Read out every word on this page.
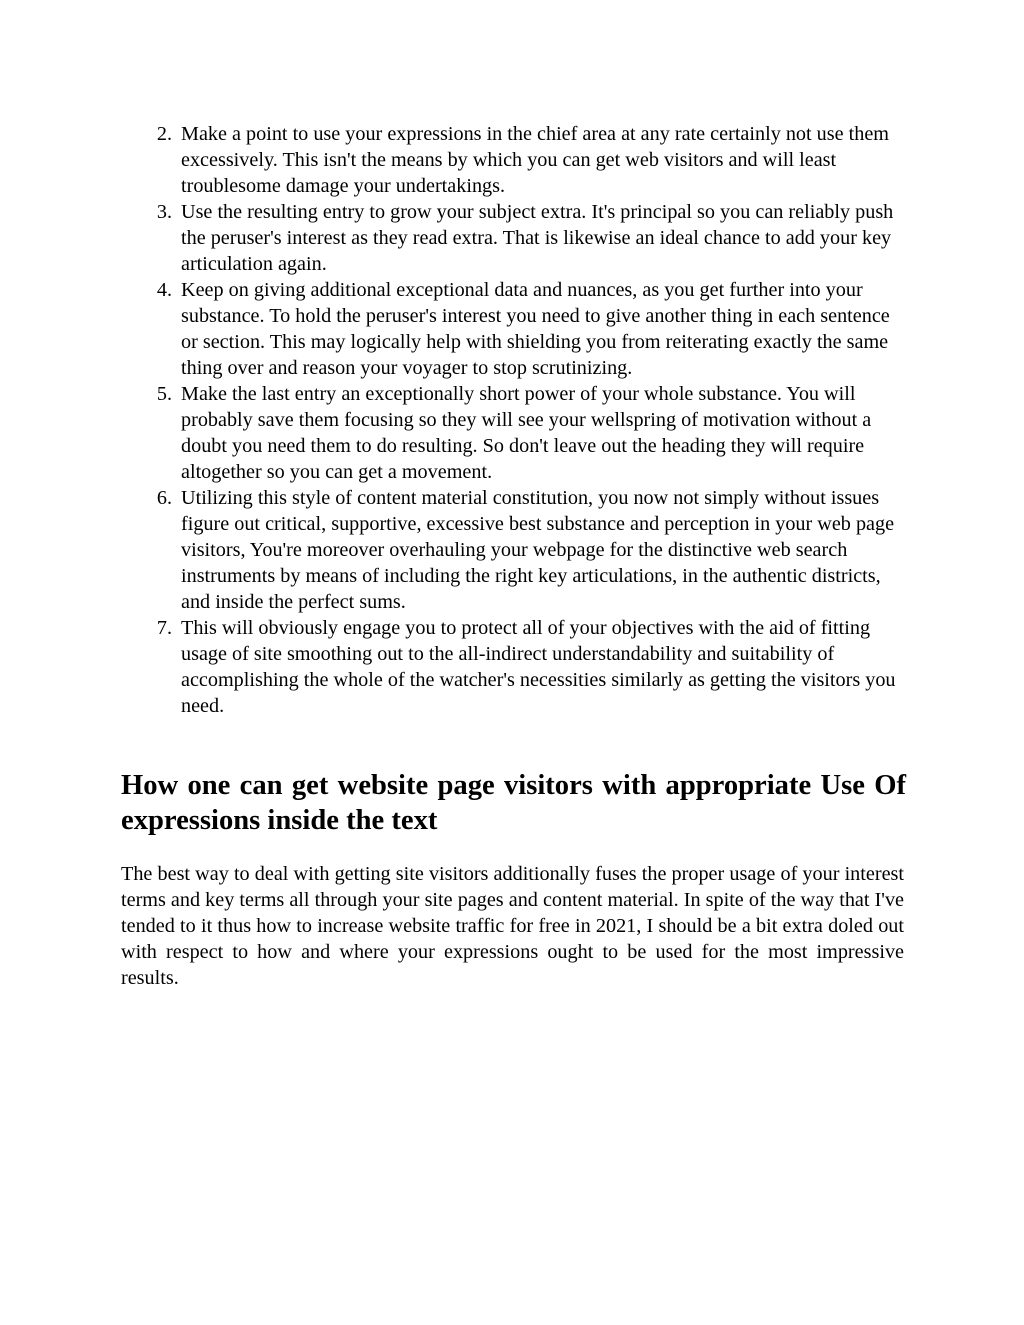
2. Make a point to use your expressions in the chief area at any rate certainly not use them excessively. This isn't the means by which you can get web visitors and will least troublesome damage your undertakings.
3. Use the resulting entry to grow your subject extra. It's principal so you can reliably push the peruser's interest as they read extra. That is likewise an ideal chance to add your key articulation again.
4. Keep on giving additional exceptional data and nuances, as you get further into your substance. To hold the peruser's interest you need to give another thing in each sentence or section. This may logically help with shielding you from reiterating exactly the same thing over and reason your voyager to stop scrutinizing.
5. Make the last entry an exceptionally short power of your whole substance. You will probably save them focusing so they will see your wellspring of motivation without a doubt you need them to do resulting. So don't leave out the heading they will require altogether so you can get a movement.
6. Utilizing this style of content material constitution, you now not simply without issues figure out critical, supportive, excessive best substance and perception in your web page visitors, You're moreover overhauling your webpage for the distinctive web search instruments by means of including the right key articulations, in the authentic districts, and inside the perfect sums.
7. This will obviously engage you to protect all of your objectives with the aid of fitting usage of site smoothing out to the all-indirect understandability and suitability of accomplishing the whole of the watcher's necessities similarly as getting the visitors you need.
How one can get website page visitors with appropriate Use Of expressions inside the text

The best way to deal with getting site visitors additionally fuses the proper usage of your interest terms and key terms all through your site pages and content material. In spite of the way that I've tended to it thus how to increase website traffic for free in 2021, I should be a bit extra doled out with respect to how and where your expressions ought to be used for the most impressive results.
